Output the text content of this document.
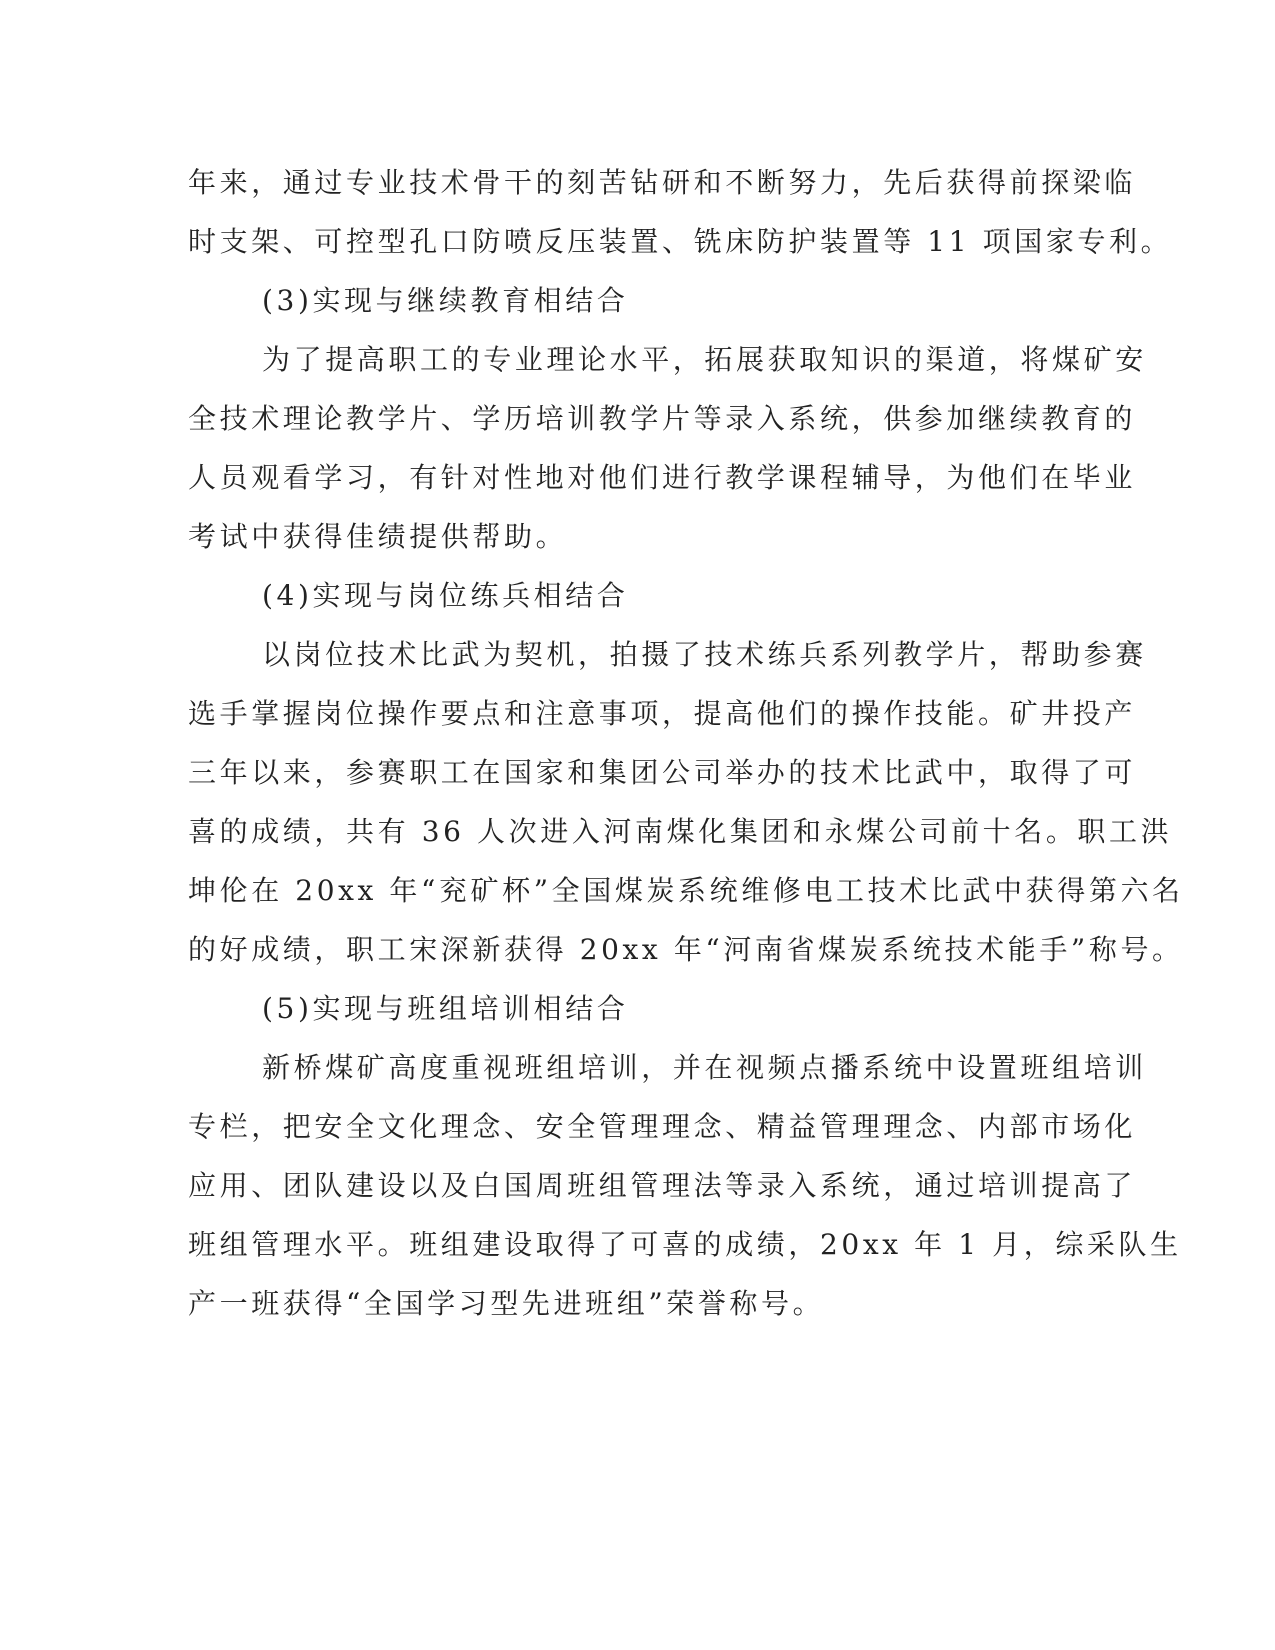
年来，通过专业技术骨干的刻苦钻研和不断努力，先后获得前探梁临
时支架、可控型孔口防喷反压装置、铣床防护装置等 11 项国家专利。
(3)实现与继续教育相结合
为了提高职工的专业理论水平，拓展获取知识的渠道，将煤矿安
全技术理论教学片、学历培训教学片等录入系统，供参加继续教育的
人员观看学习，有针对性地对他们进行教学课程辅导，为他们在毕业
考试中获得佳绩提供帮助。
(4)实现与岗位练兵相结合
以岗位技术比武为契机，拍摄了技术练兵系列教学片，帮助参赛
选手掌握岗位操作要点和注意事项，提高他们的操作技能。矿井投产
三年以来，参赛职工在国家和集团公司举办的技术比武中，取得了可
喜的成绩，共有 36 人次进入河南煤化集团和永煤公司前十名。职工洪
坤伦在 20xx 年“兖矿杯”全国煤炭系统维修电工技术比武中获得第六名
的好成绩，职工宋深新获得 20xx 年“河南省煤炭系统技术能手”称号。
(5)实现与班组培训相结合
新桥煤矿高度重视班组培训，并在视频点播系统中设置班组培训
专栏，把安全文化理念、安全管理理念、精益管理理念、内部市场化
应用、团队建设以及白国周班组管理法等录入系统，通过培训提高了
班组管理水平。班组建设取得了可喜的成绩，20xx 年 1 月，综采队生
产一班获得“全国学习型先进班组”荣誉称号。
